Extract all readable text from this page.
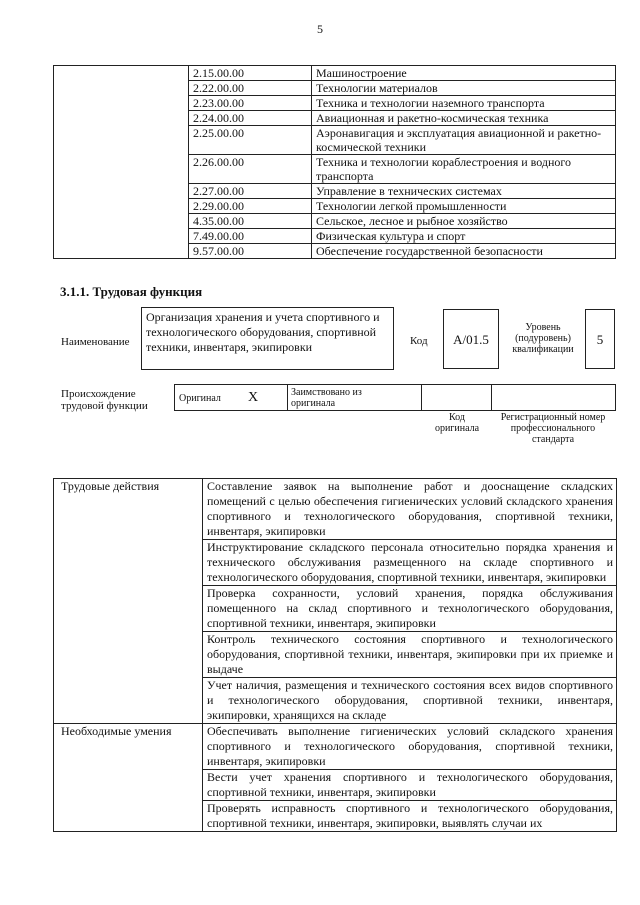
5
	2.15.00.00	Машиностроение
	2.22.00.00	Технологии материалов
	2.23.00.00	Техника и технологии наземного транспорта
	2.24.00.00	Авиационная и ракетно-космическая техника
	2.25.00.00	Аэронавигация и эксплуатация авиационной и ракетно-космической техники
	2.26.00.00	Техника и технологии кораблестроения и водного транспорта
	2.27.00.00	Управление в технических системах
	2.29.00.00	Технологии легкой промышленности
	4.35.00.00	Сельское, лесное и рыбное хозяйство
	7.49.00.00	Физическая культура и спорт
	9.57.00.00	Обеспечение государственной безопасности
3.1.1. Трудовая функция
Наименование
Организация хранения и учета спортивного и технологического оборудования, спортивной техники, инвентаря, экипировки	Код	A/01.5
Уровень (подуровень) квалификации
5
Происхождение трудовой функции
Оригинал X	Заимствовано из оригинала
Код оригинала
Регистрационный номер профессионального стандарта
Трудовые действия	Составление заявок на выполнение работ и дооснащение складских помещений с целью обеспечения гигиенических условий складского хранения спортивного и технологического оборудования, спортивной техники, инвентаря, экипировки
	Инструктирование складского персонала относительно порядка хранения и технического обслуживания размещенного на складе спортивного и технологического оборудования, спортивной техники, инвентаря, экипировки
	Проверка сохранности, условий хранения, порядка обслуживания помещенного на склад спортивного и технологического оборудования, спортивной техники, инвентаря, экипировки
	Контроль технического состояния спортивного и технологического оборудования, спортивной техники, инвентаря, экипировки при их приемке и выдаче
	Учет наличия, размещения и технического состояния всех видов спортивного и технологического оборудования, спортивной техники, инвентаря, экипировки, хранящихся на складе
Необходимые умения	Обеспечивать выполнение гигиенических условий складского хранения спортивного и технологического оборудования, спортивной техники, инвентаря, экипировки
	Вести учет хранения спортивного и технологического оборудования, спортивной техники, инвентаря, экипировки
	Проверять исправность спортивного и технологического оборудования, спортивной техники, инвентаря, экипировки, выявлять случаи их
